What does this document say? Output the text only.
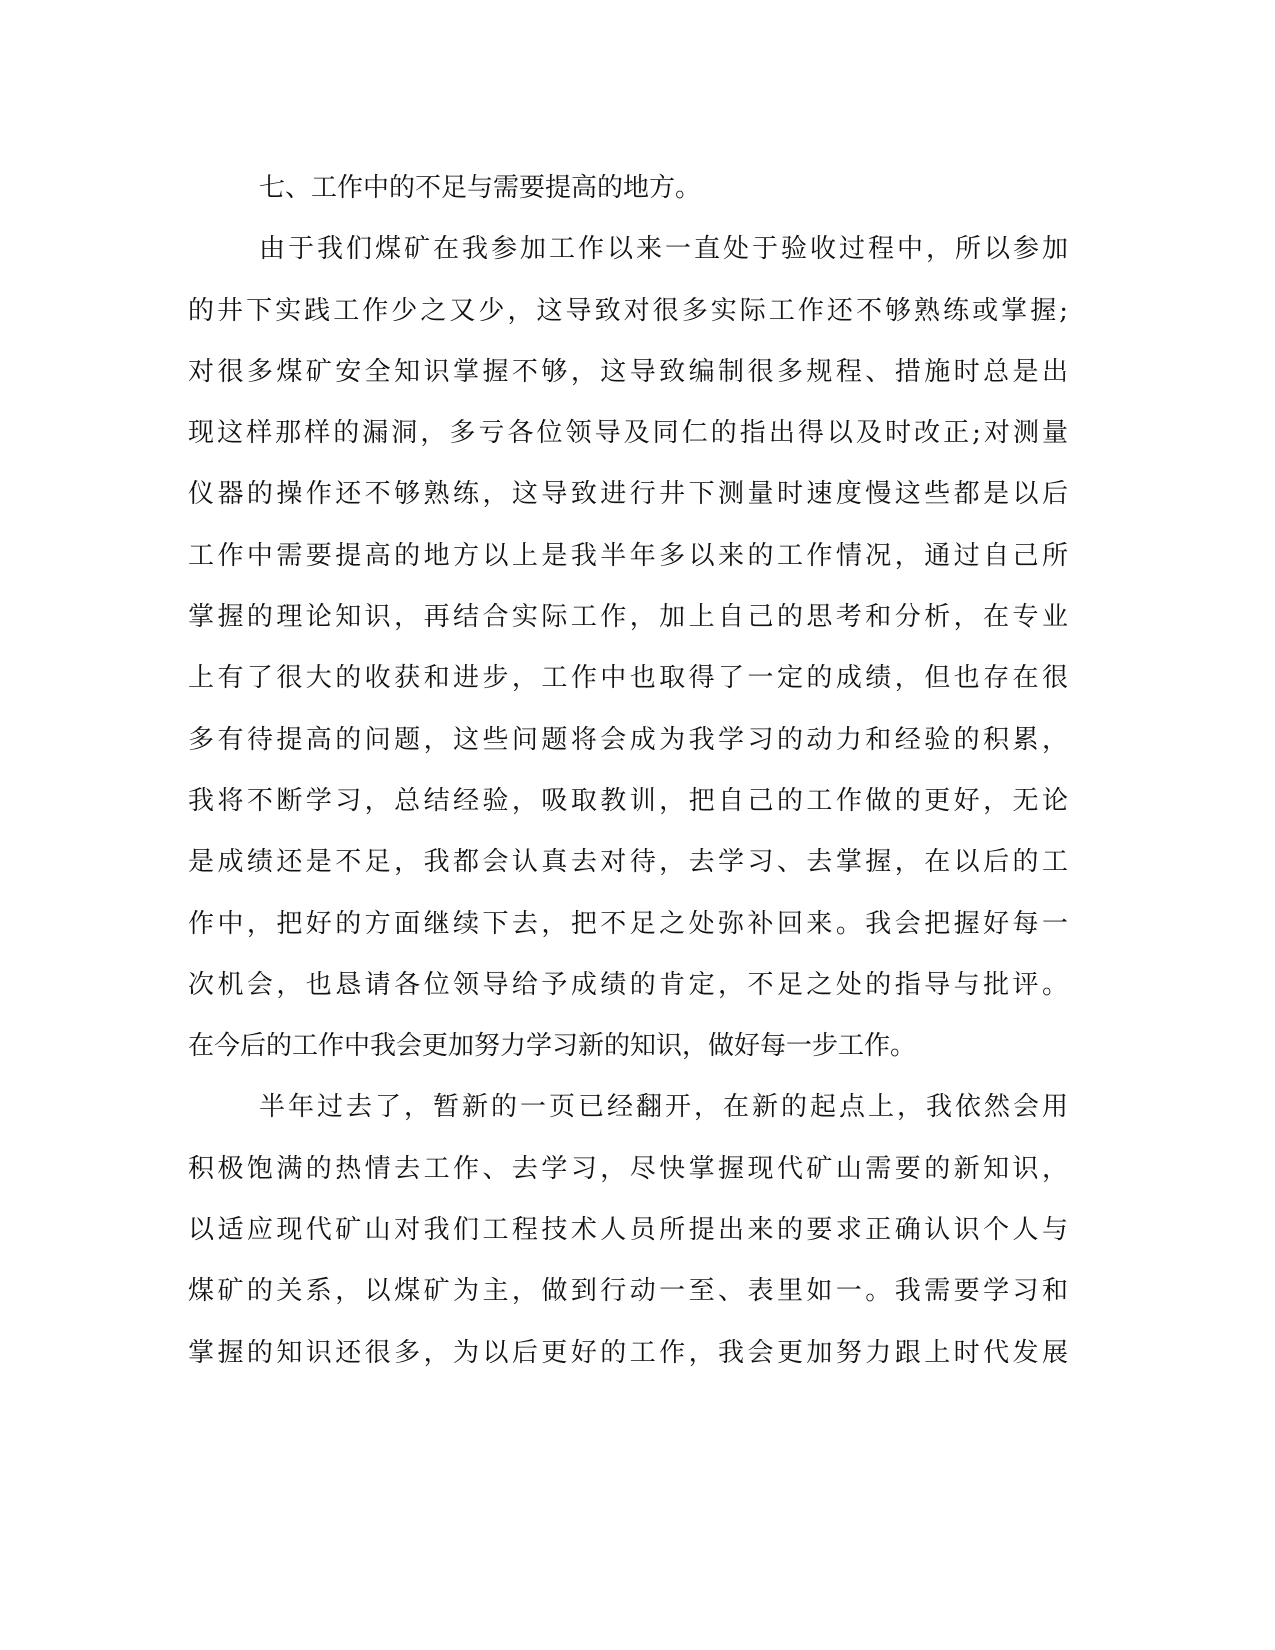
七、工作中的不足与需要提高的地方。
由于我们煤矿在我参加工作以来一直处于验收过程中，所以参加
的井下实践工作少之又少，这导致对很多实际工作还不够熟练或掌握;
对很多煤矿安全知识掌握不够，这导致编制很多规程、措施时总是出
现这样那样的漏洞，多亏各位领导及同仁的指出得以及时改正;对测量
仪器的操作还不够熟练，这导致进行井下测量时速度慢这些都是以后
工作中需要提高的地方以上是我半年多以来的工作情况，通过自己所
掌握的理论知识，再结合实际工作，加上自己的思考和分析，在专业
上有了很大的收获和进步，工作中也取得了一定的成绩，但也存在很
多有待提高的问题，这些问题将会成为我学习的动力和经验的积累，
我将不断学习，总结经验，吸取教训，把自己的工作做的更好，无论
是成绩还是不足，我都会认真去对待，去学习、去掌握，在以后的工
作中，把好的方面继续下去，把不足之处弥补回来。我会把握好每一
次机会，也恳请各位领导给予成绩的肯定，不足之处的指导与批评。
在今后的工作中我会更加努力学习新的知识，做好每一步工作。
半年过去了，暂新的一页已经翻开，在新的起点上，我依然会用
积极饱满的热情去工作、去学习，尽快掌握现代矿山需要的新知识，
以适应现代矿山对我们工程技术人员所提出来的要求正确认识个人与
煤矿的关系，以煤矿为主，做到行动一至、表里如一。我需要学习和
掌握的知识还很多，为以后更好的工作，我会更加努力跟上时代发展
